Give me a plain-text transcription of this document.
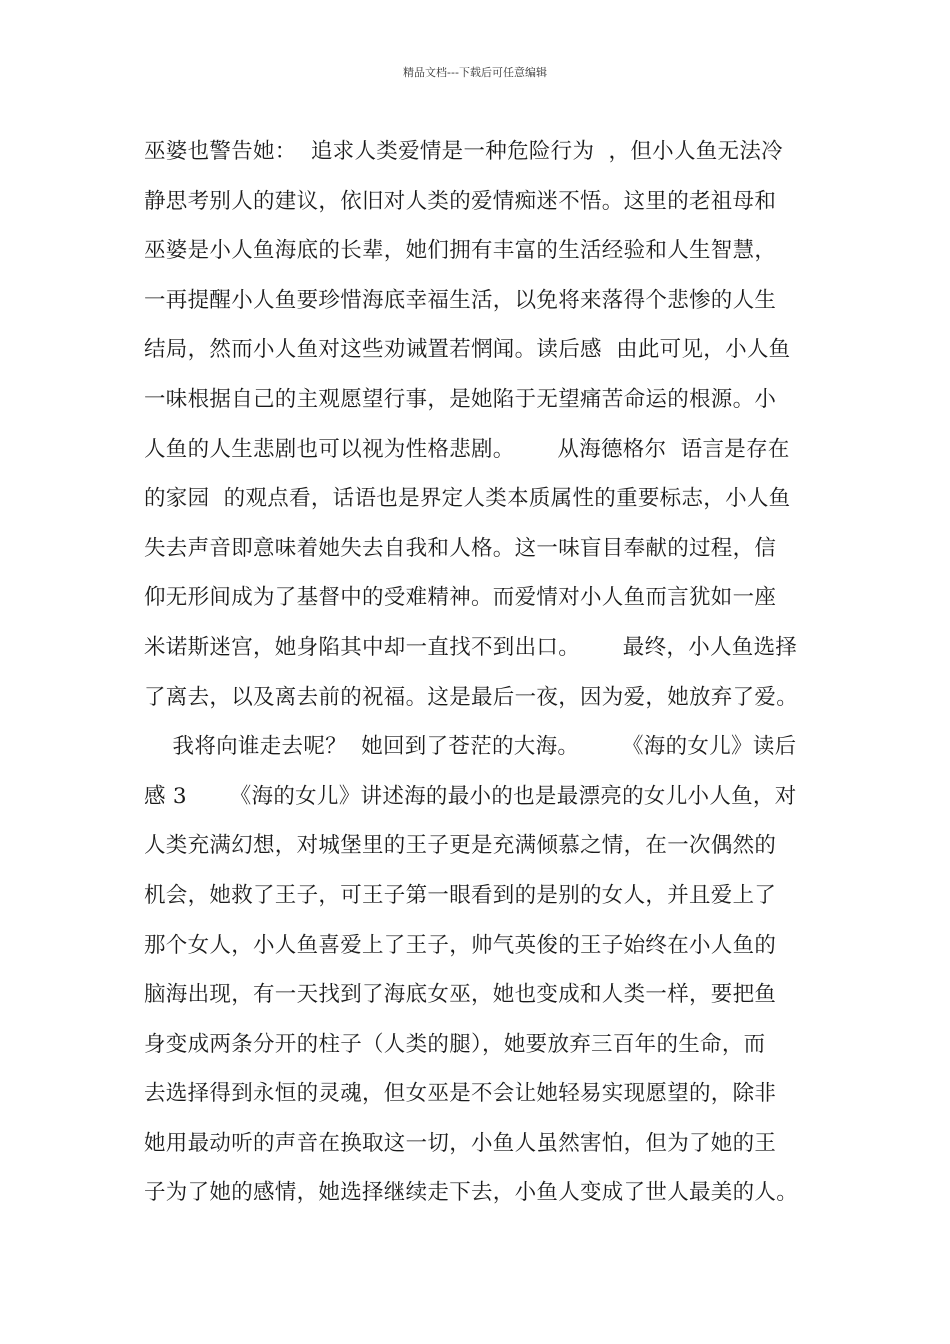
精品文档---下载后可任意编辑
巫婆也警告她：  追求人类爱情是一种危险行为  ，但小人鱼无法冷
静思考别人的建议，依旧对人类的爱情痴迷不悟。这里的老祖母和
巫婆是小人鱼海底的长辈，她们拥有丰富的生活经验和人生智慧，
一再提醒小人鱼要珍惜海底幸福生活，以免将来落得个悲惨的人生
结局，然而小人鱼对这些劝诫置若惘闻。读后感  由此可见，小人鱼
一味根据自己的主观愿望行事，是她陷于无望痛苦命运的根源。小
人鱼的人生悲剧也可以视为性格悲剧。      从海德格尔  语言是存在
的家园  的观点看，话语也是界定人类本质属性的重要标志，小人鱼
失去声音即意味着她失去自我和人格。这一味盲目奉献的过程，信
仰无形间成为了基督中的受难精神。而爱情对小人鱼而言犹如一座
米诺斯迷宫，她身陷其中却一直找不到出口。      最终，小人鱼选择
了离去，以及离去前的祝福。这是最后一夜，因为爱，她放弃了爱。
我将向谁走去呢？  她回到了苍茫的大海。      《海的女儿》读后
感 3      《海的女儿》讲述海的最小的也是最漂亮的女儿小人鱼，对
人类充满幻想，对城堡里的王子更是充满倾慕之情，在一次偶然的
机会，她救了王子，可王子第一眼看到的是别的女人，并且爱上了
那个女人，小人鱼喜爱上了王子，帅气英俊的王子始终在小人鱼的
脑海出现，有一天找到了海底女巫，她也变成和人类一样，要把鱼
身变成两条分开的柱子（人类的腿），她要放弃三百年的生命，而
去选择得到永恒的灵魂，但女巫是不会让她轻易实现愿望的，除非
她用最动听的声音在换取这一切，小鱼人虽然害怕，但为了她的王
子为了她的感情，她选择继续走下去，小鱼人变成了世人最美的人。
